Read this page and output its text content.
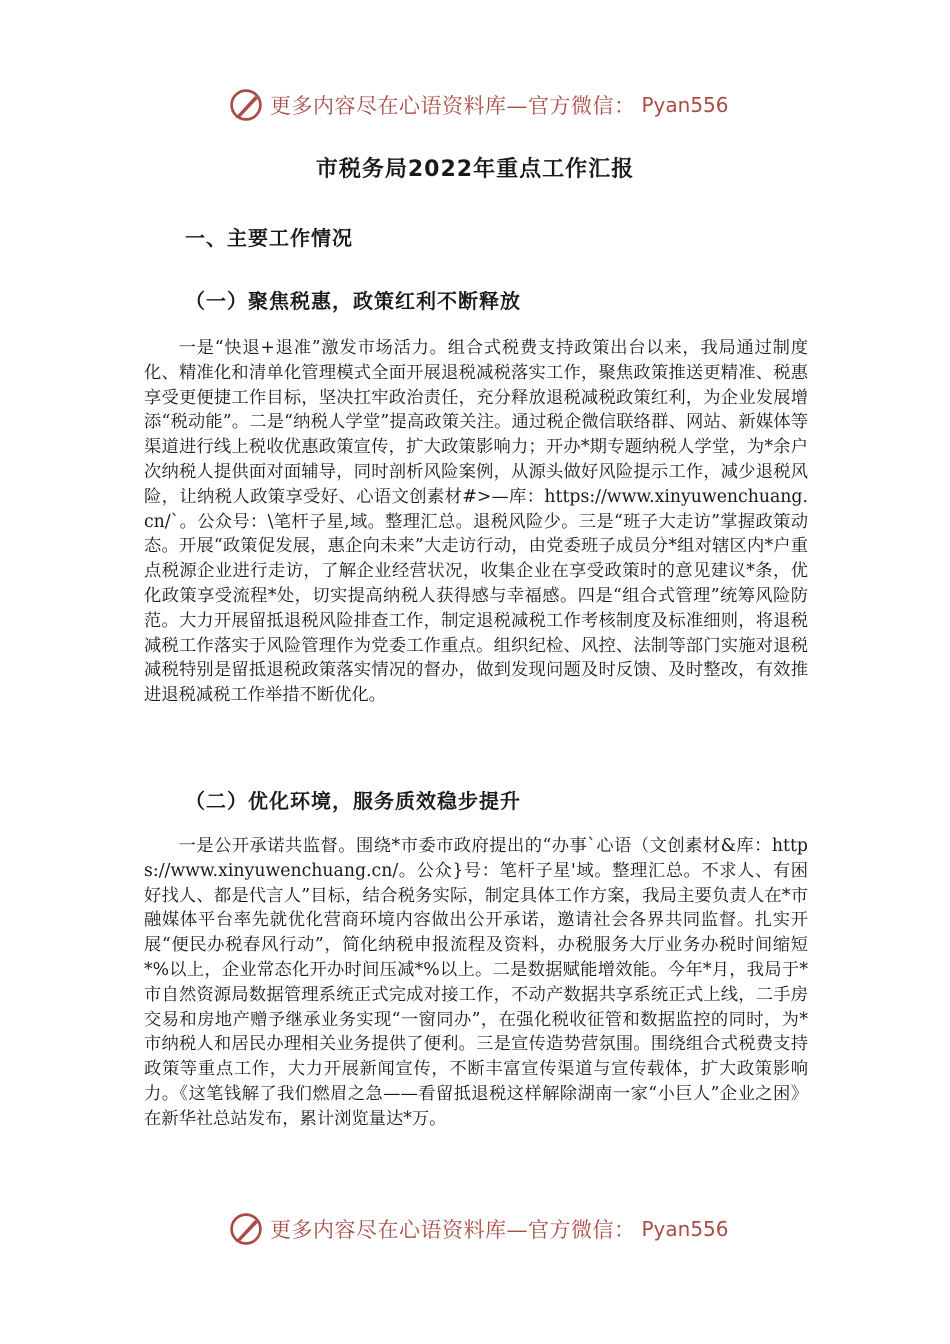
更多内容尽在心语资料库—官方微信： Pyan556
市税务局2022年重点工作汇报
一、主要工作情况
（一）聚焦税惠，政策红利不断释放

一是“快退+退准”激发市场活力。组合式税费支持政策出台以来，我局通过制度化、精准化和清单化管理模式全面开展退税减税落实工作，聚焦政策推送更精准、税惠享受更便捷工作目标，坚决扛牢政治责任，充分释放退税减税政策红利，为企业发展增添“税动能”。二是“纳税人学堂”提高政策关注。通过税企微信联络群、网站、新媒体等渠道进行线上税收优惠政策宣传，扩大政策影响力；开办*期专题纳税人学堂，为*余户次纳税人提供面对面辅导，同时剖析风险案例，从源头做好风险提示工作，减少退税风险，让纳税人政策享受好、心语文创素材#>—库：https://www.xinyuwenchuang.cn/`。公众号：\笔杆子星,域。整理汇总。退税风险少。三是“班子大走访”掌握政策动态。开展“政策促发展，惠企向未来”大走访行动，由党委班子成员分*组对辖区内*户重点税源企业进行走访，了解企业经营状况，收集企业在享受政策时的意见建议*条，优化政策享受流程*处，切实提高纳税人获得感与幸福感。四是“组合式管理”统筹风险防范。大力开展留抵退税风险排查工作，制定退税减税工作考核制度及标准细则，将退税减税工作落实于风险管理作为党委工作重点。组织纪检、风控、法制等部门实施对退税减税特别是留抵退税政策落实情况的督办，做到发现问题及时反馈、及时整改，有效推进退税减税工作举措不断优化。

（二）优化环境，服务质效稳步提升

一是公开承诺共监督。围绕*市委市政府提出的“办事`心语（文创素材&库：https://www.xinyuwenchuang.cn/。公众}号：笔杆子星'域。整理汇总。不求人、有困好找人、都是代言人”目标，结合税务实际，制定具体工作方案，我局主要负责人在*市融媒体平台率先就优化营商环境内容做出公开承诺，邀请社会各界共同监督。扎实开展“便民办税春风行动”，简化纳税申报流程及资料，办税服务大厅业务办税时间缩短*%以上，企业常态化开办时间压减*%以上。二是数据赋能增效能。今年*月，我局于*市自然资源局数据管理系统正式完成对接工作，不动产数据共享系统正式上线，二手房交易和房地产赠予继承业务实现“一窗同办”，在强化税收征管和数据监控的同时，为*市纳税人和居民办理相关业务提供了便利。三是宣传造势营氛围。围绕组合式税费支持政策等重点工作，大力开展新闻宣传，不断丰富宣传渠道与宣传载体，扩大政策影响力。《这笔钱解了我们燃眉之急——看留抵退税这样解除湖南一家“小巨人”企业之困》在新华社总站发布，累计浏览量达*万。

更多内容尽在心语资料库—官方微信： Pyan556
